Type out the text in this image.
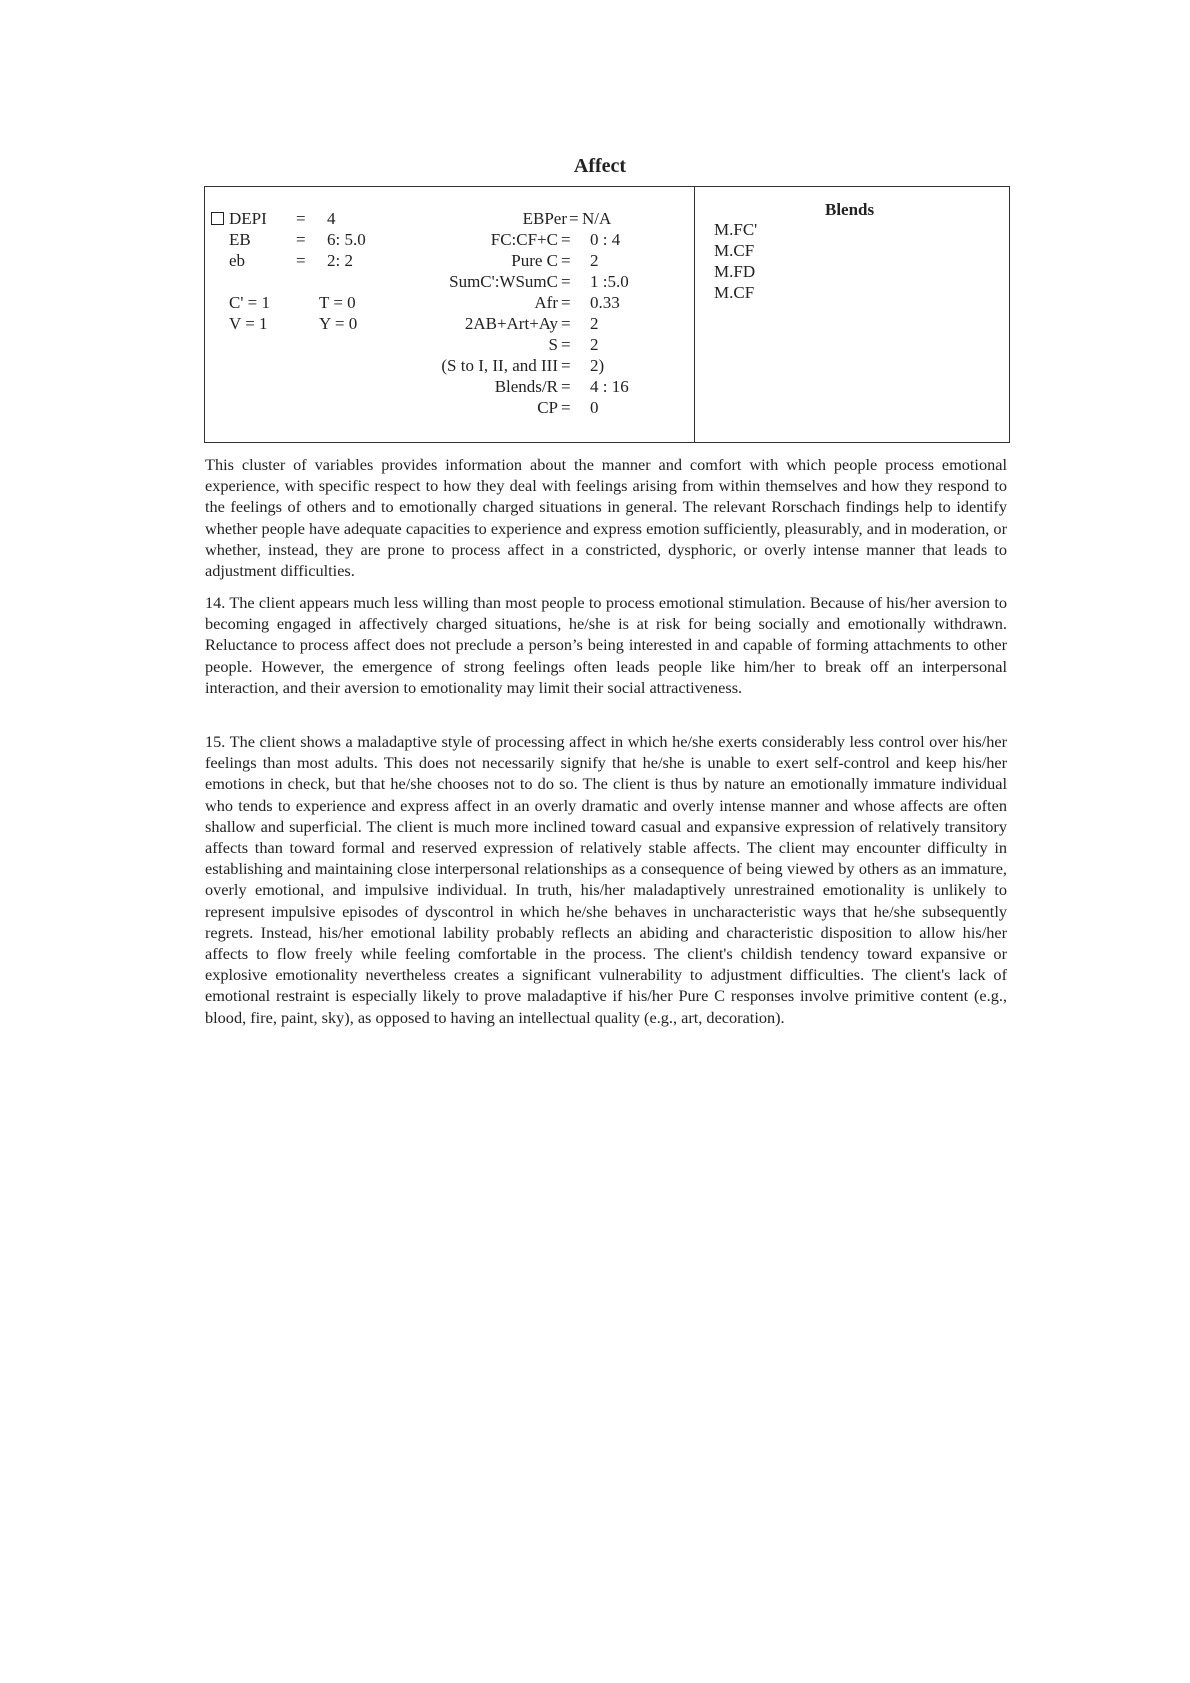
Affect
DEPI = 4
EB	= 6: 5.0
eb	= 2: 2
C' = 1	T = 0
V = 1	Y = 0
EBPer = N/A
FC:CF+C = 0 : 4
Pure C = 2
SumC':WSumC = 1 :5.0
Afr = 0.33
2AB+Art+Ay = 2
S = 2
(S to I, II, and III = 2)
Blends/R = 4 : 16
CP = 0
Blends
M.FC'
M.CF
M.FD
M.CF

This cluster of variables provides information about the manner and comfort with which people process emotional experience, with specific respect to how they deal with feelings arising from within themselves and how they respond to the feelings of others and to emotionally charged situations in general. The relevant Rorschach findings help to identify whether people have adequate capacities to experience and express emotion sufficiently, pleasurably, and in moderation, or whether, instead, they are prone to process affect in a constricted, dysphoric, or overly intense manner that leads to adjustment difficulties.

14. The client appears much less willing than most people to process emotional stimulation. Because of his/her aversion to becoming engaged in affectively charged situations, he/she is at risk for being socially and emotionally withdrawn. Reluctance to process affect does not preclude a person’s being interested in and capable of forming attachments to other people. However, the emergence of strong feelings often leads people like him/her to break off an interpersonal interaction, and their aversion to emotionality may limit their social attractiveness.

15. The client shows a maladaptive style of processing affect in which he/she exerts considerably less control over his/her feelings than most adults. This does not necessarily signify that he/she is unable to exert self-control and keep his/her emotions in check, but that he/she chooses not to do so. The client is thus by nature an emotionally immature individual who tends to experience and express affect in an overly dramatic and overly intense manner and whose affects are often shallow and superficial. The client is much more inclined toward casual and expansive expression of relatively transitory affects than toward formal and reserved expression of relatively stable affects. The client may encounter difficulty in establishing and maintaining close interpersonal relationships as a consequence of being viewed by others as an immature, overly emotional, and impulsive individual. In truth, his/her maladaptively unrestrained emotionality is unlikely to represent impulsive episodes of dyscontrol in which he/she behaves in uncharacteristic ways that he/she subsequently regrets. Instead, his/her emotional lability probably reflects an abiding and characteristic disposition to allow his/her affects to flow freely while feeling comfortable in the process. The client's childish tendency toward expansive or explosive emotionality nevertheless creates a significant vulnerability to adjustment difficulties. The client's lack of emotional restraint is especially likely to prove maladaptive if his/her Pure C responses involve primitive content (e.g., blood, fire, paint, sky), as opposed to having an intellectual quality (e.g., art, decoration).
